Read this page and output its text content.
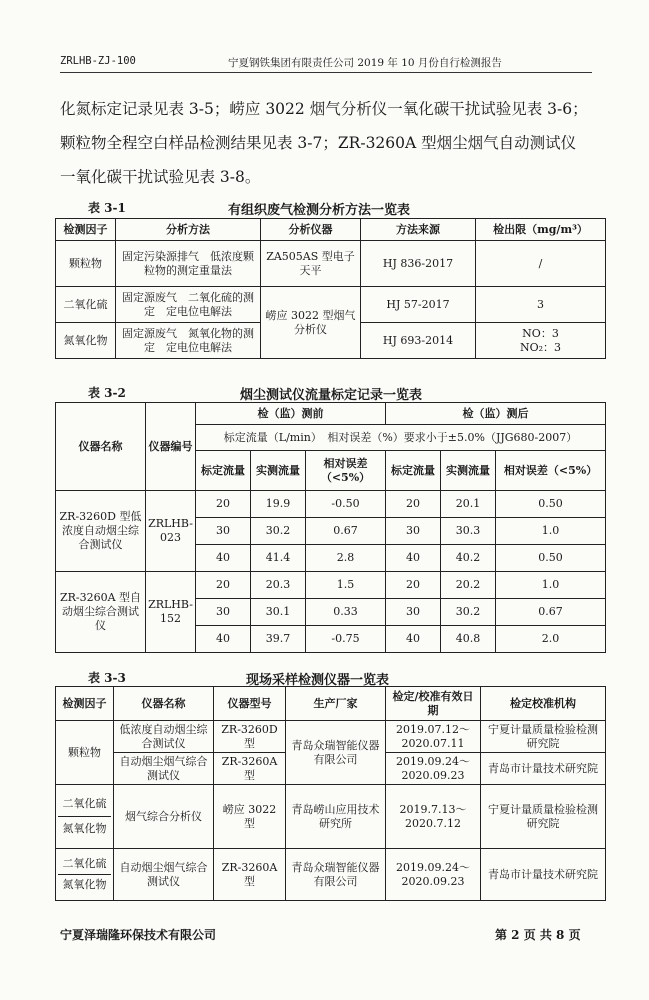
ZRLHB-ZJ-100	宁夏钢铁集团有限责任公司 2019 年 10 月份自行检测报告
化氮标定记录见表 3-5；崂应 3022 烟气分析仪一氧化碳干扰试验见表 3-6；
颗粒物全程空白样品检测结果见表 3-7；ZR-3260A 型烟尘烟气自动测试仪
一氧化碳干扰试验见表 3-8。
表 3-1	有组织废气检测分析方法一览表
检测因子	分析方法	分析仪器	方法来源	检出限（mg/m³）
颗粒物	固定污染源排气　低浓度颗粒物的测定重量法	ZA505AS 型电子天平	HJ 836-2017	/
二氧化硫	固定源废气　二氧化硫的测定　定电位电解法	崂应 3022 型烟气分析仪	HJ 57-2017	3
氮氧化物	固定源废气　氮氧化物的测定　定电位电解法		HJ 693-2014	NO：3
NO₂：3
表 3-2	烟尘测试仪流量标定记录一览表
仪器名称	仪器编号	检（监）测前			检（监）测后		
		标定流量（L/min）　相对误差（%）要求小于±5.0%（JJG680-2007）					
		标定流量	实测流量	相对误差（<5%）	标定流量	实测流量	相对误差（<5%）
ZR-3260D 型低浓度自动烟尘综合测试仪	ZRLHB-023	20	19.9	-0.50	20	20.1	0.50
		30	30.2	0.67	30	30.3	1.0
		40	41.4	2.8	40	40.2	0.50
ZR-3260A 型自动烟尘综合测试仪	ZRLHB-152	20	20.3	1.5	20	20.2	1.0
		30	30.1	0.33	30	30.2	0.67
		40	39.7	-0.75	40	40.8	2.0
表 3-3	现场采样检测仪器一览表
检测因子	仪器名称	仪器型号	生产厂家	检定/校准有效日期	检定校准机构
颗粒物	低浓度自动烟尘综合测试仪	ZR-3260D 型	青岛众瑞智能仪器有限公司	2019.07.12～2020.07.11	宁夏计量质量检验检测研究院
	自动烟尘烟气综合测试仪	ZR-3260A 型		2019.09.24～2020.09.23	青岛市计量技术研究院

二氧化硫
氮氧化物	烟气综合分析仪	崂应 3022 型	青岛崂山应用技术研究所	2019.7.13～2020.7.12	宁夏计量质量检验检测研究院

二氧化硫
氮氧化物	自动烟尘烟气综合测试仪	ZR-3260A 型	青岛众瑞智能仪器有限公司	2019.09.24～2020.09.23	青岛市计量技术研究院
宁夏泽瑞隆环保技术有限公司	第 2 页 共 8 页
